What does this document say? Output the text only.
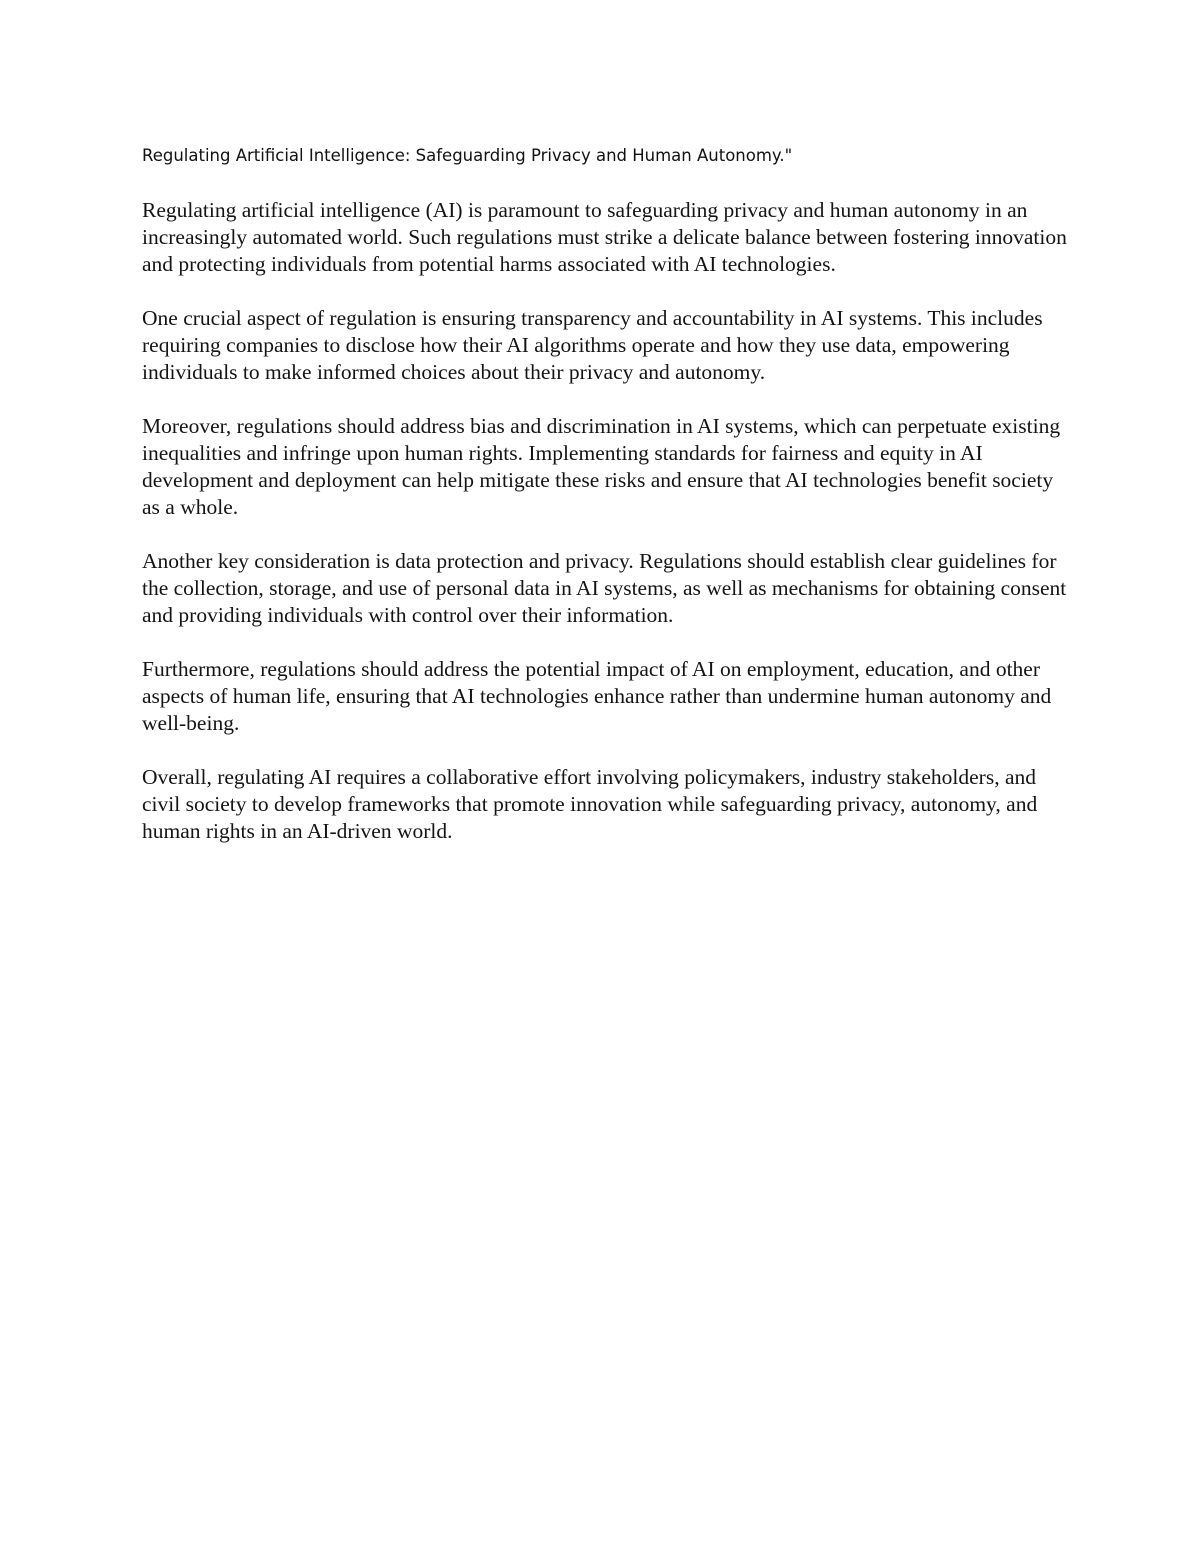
Regulating Artificial Intelligence: Safeguarding Privacy and Human Autonomy."

Regulating artificial intelligence (AI) is paramount to safeguarding privacy and human autonomy in an increasingly automated world. Such regulations must strike a delicate balance between fostering innovation and protecting individuals from potential harms associated with AI technologies.

One crucial aspect of regulation is ensuring transparency and accountability in AI systems. This includes requiring companies to disclose how their AI algorithms operate and how they use data, empowering individuals to make informed choices about their privacy and autonomy.

Moreover, regulations should address bias and discrimination in AI systems, which can perpetuate existing inequalities and infringe upon human rights. Implementing standards for fairness and equity in AI development and deployment can help mitigate these risks and ensure that AI technologies benefit society as a whole.

Another key consideration is data protection and privacy. Regulations should establish clear guidelines for the collection, storage, and use of personal data in AI systems, as well as mechanisms for obtaining consent and providing individuals with control over their information.

Furthermore, regulations should address the potential impact of AI on employment, education, and other aspects of human life, ensuring that AI technologies enhance rather than undermine human autonomy and well-being.

Overall, regulating AI requires a collaborative effort involving policymakers, industry stakeholders, and civil society to develop frameworks that promote innovation while safeguarding privacy, autonomy, and human rights in an AI-driven world.
